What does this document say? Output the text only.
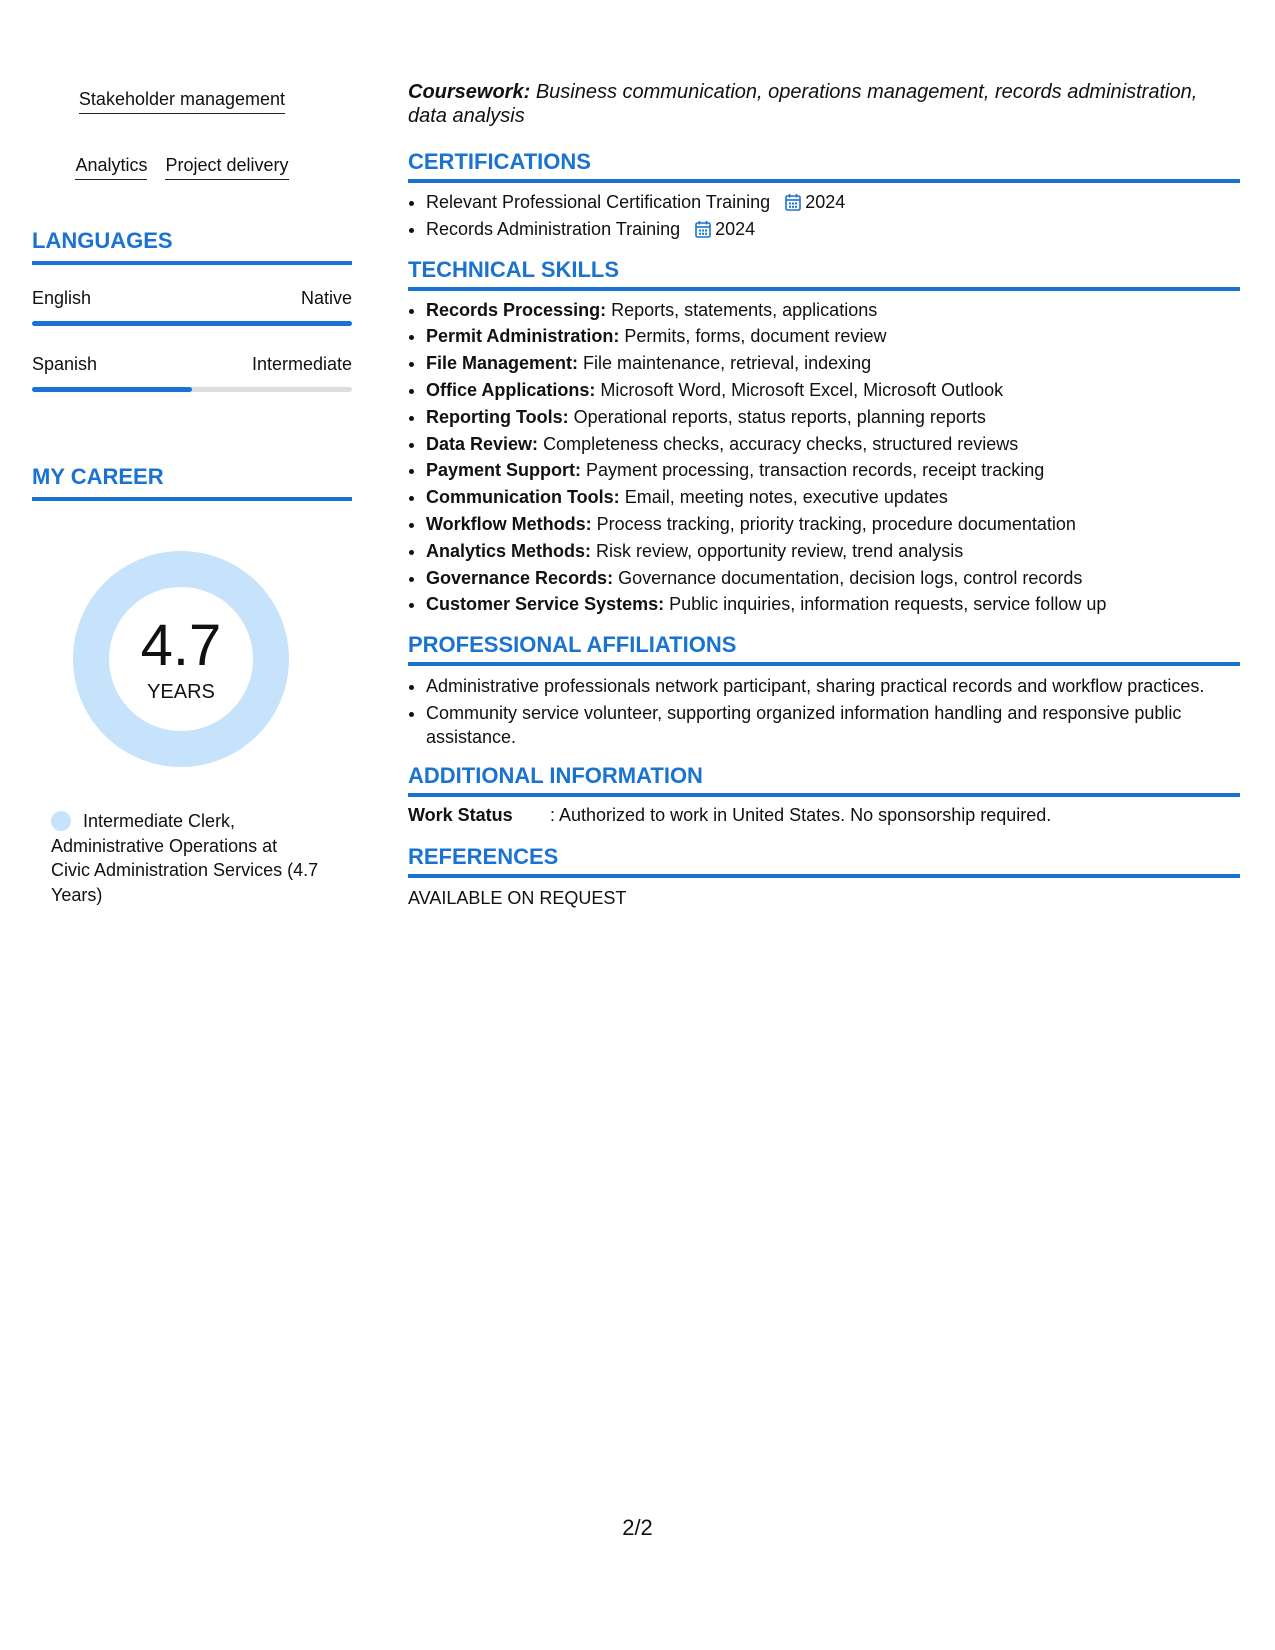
Stakeholder management
Analytics Project delivery
LANGUAGES
English	Native
Spanish	Intermediate
MY CAREER
4.7
YEARS
Intermediate Clerk, Administrative Operations at Civic Administration Services (4.7 Years)

Coursework: Business communication, operations management, records administration, data analysis

CERTIFICATIONS
• Relevant Professional Certification Training 2024
• Records Administration Training 2024
TECHNICAL SKILLS
• Records Processing: Reports, statements, applications
• Permit Administration: Permits, forms, document review
• File Management: File maintenance, retrieval, indexing
• Office Applications: Microsoft Word, Microsoft Excel, Microsoft Outlook
• Reporting Tools: Operational reports, status reports, planning reports
• Data Review: Completeness checks, accuracy checks, structured reviews
• Payment Support: Payment processing, transaction records, receipt tracking
• Communication Tools: Email, meeting notes, executive updates
• Workflow Methods: Process tracking, priority tracking, procedure documentation
• Analytics Methods: Risk review, opportunity review, trend analysis
• Governance Records: Governance documentation, decision logs, control records
• Customer Service Systems: Public inquiries, information requests, service follow up
PROFESSIONAL AFFILIATIONS
• Administrative professionals network participant, sharing practical records and workflow practices.
• Community service volunteer, supporting organized information handling and responsive public assistance.
ADDITIONAL INFORMATION
Work Status	: Authorized to work in United States. No sponsorship required.
REFERENCES
AVAILABLE ON REQUEST
2/2
